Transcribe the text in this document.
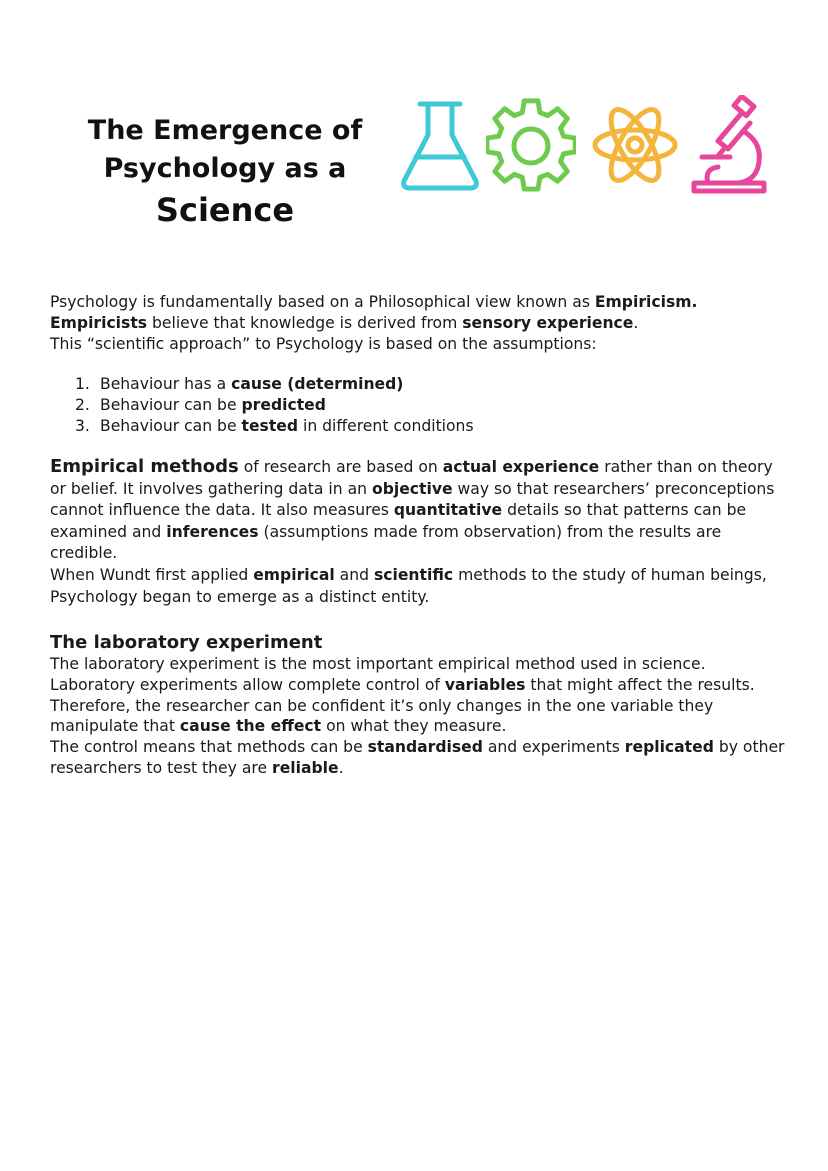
The Emergence of
Psychology as a
Science

Psychology is fundamentally based on a Philosophical view known as Empiricism.

Empiricists believe that knowledge is derived from sensory experience.

This “scientific approach” to Psychology is based on the assumptions:

1. Behaviour has a cause (determined)
2. Behaviour can be predicted
3. Behaviour can be tested in different conditions

Empirical methods of research are based on actual experience rather than on theory or belief. It involves gathering data in an objective way so that researchers’ preconceptions cannot influence the data. It also measures quantitative details so that patterns can be examined and inferences (assumptions made from observation) from the results are credible.

When Wundt first applied empirical and scientific methods to the study of human beings, Psychology began to emerge as a distinct entity.

The laboratory experiment

The laboratory experiment is the most important empirical method used in science. Laboratory experiments allow complete control of variables that might affect the results. Therefore, the researcher can be confident it’s only changes in the one variable they manipulate that cause the effect on what they measure.

The control means that methods can be standardised and experiments replicated by other researchers to test they are reliable.
